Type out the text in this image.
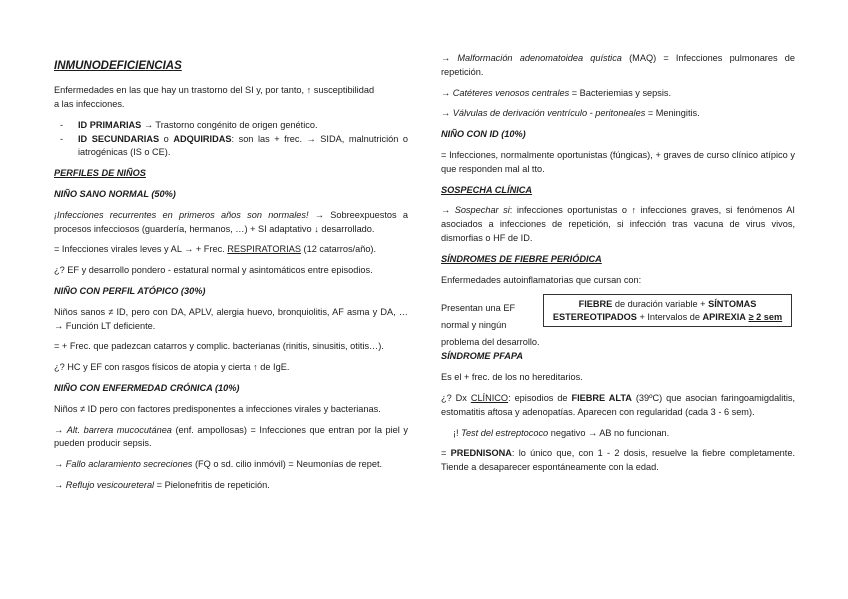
INMUNODEFICIENCIAS

Enfermedades en las que hay un trastorno del SI y, por tanto, ↑ susceptibilidad
a las infecciones.

- ID PRIMARIAS → Trastorno congénito de origen genético.
- ID SECUNDARIAS o ADQUIRIDAS: son las + frec. → SIDA, malnutrición o iatrogénicas (IS o CE).

PERFILES DE NIÑOS

NIÑO SANO NORMAL (50%)

¡Infecciones recurrentes en primeros años son normales! → Sobreexpuestos a procesos infecciosos (guardería, hermanos, …) + SI adaptativo ↓ desarrollado.

= Infecciones virales leves y AL → + Frec. RESPIRATORIAS (12 catarros/año).

¿? EF y desarrollo pondero - estatural normal y asintomáticos entre episodios.

NIÑO CON PERFIL ATÓPICO (30%)

Niños sanos ≠ ID, pero con DA, APLV, alergia huevo, bronquiolitis, AF asma y DA, … → Función LT deficiente.

= + Frec. que padezcan catarros y complic. bacterianas (rinitis, sinusitis, otitis…).

¿? HC y EF con rasgos físicos de atopia y cierta ↑ de IgE.

NIÑO CON ENFERMEDAD CRÓNICA (10%)

Niños ≠ ID pero con factores predisponentes a infecciones virales y bacterianas.

→ Alt. barrera mucocutánea (enf. ampollosas) = Infecciones que entran por la piel y pueden producir sepsis.

→ Fallo aclaramiento secreciones (FQ o sd. cilio inmóvil) = Neumonías de repet.

→ Reflujo vesicoureteral = Pielonefritis de repetición.

→ Malformación adenomatoidea quística (MAQ) = Infecciones pulmonares de repetición.

→ Catéteres venosos centrales = Bacteriemias y sepsis.

→ Válvulas de derivación ventrículo - peritoneales = Meningitis.

NIÑO CON ID (10%)

= Infecciones, normalmente oportunistas (fúngicas), + graves de curso clínico atípico y que responden mal al tto.

SOSPECHA CLÍNICA

→ Sospechar si: infecciones oportunistas o ↑ infecciones graves, si fenómenos AI asociados a infecciones de repetición, si infección tras vacuna de virus vivos, dismorfias o HF de ID.

SÍNDROMES DE FIEBRE PERIÓDICA

Enfermedades autoinflamatorias que cursan con:

Presentan una EF normal y ningún problema del desarrollo.

FIEBRE de duración variable + SÍNTOMAS
ESTEREOTIPADOS + Intervalos de APIREXIA ≥ 2 sem

SÍNDROME PFAPA

Es el + frec. de los no hereditarios.

¿? Dx CLÍNICO: episodios de FIEBRE ALTA (39ºC) que asocian faringoamigdalitis, estomatitis aftosa y adenopatías. Aparecen con regularidad (cada 3 - 6 sem).

¡! Test del estreptococo negativo → AB no funcionan.

= PREDNISONA: lo único que, con 1 - 2 dosis, resuelve la fiebre completamente. Tiende a desaparecer espontáneamente con la edad.
